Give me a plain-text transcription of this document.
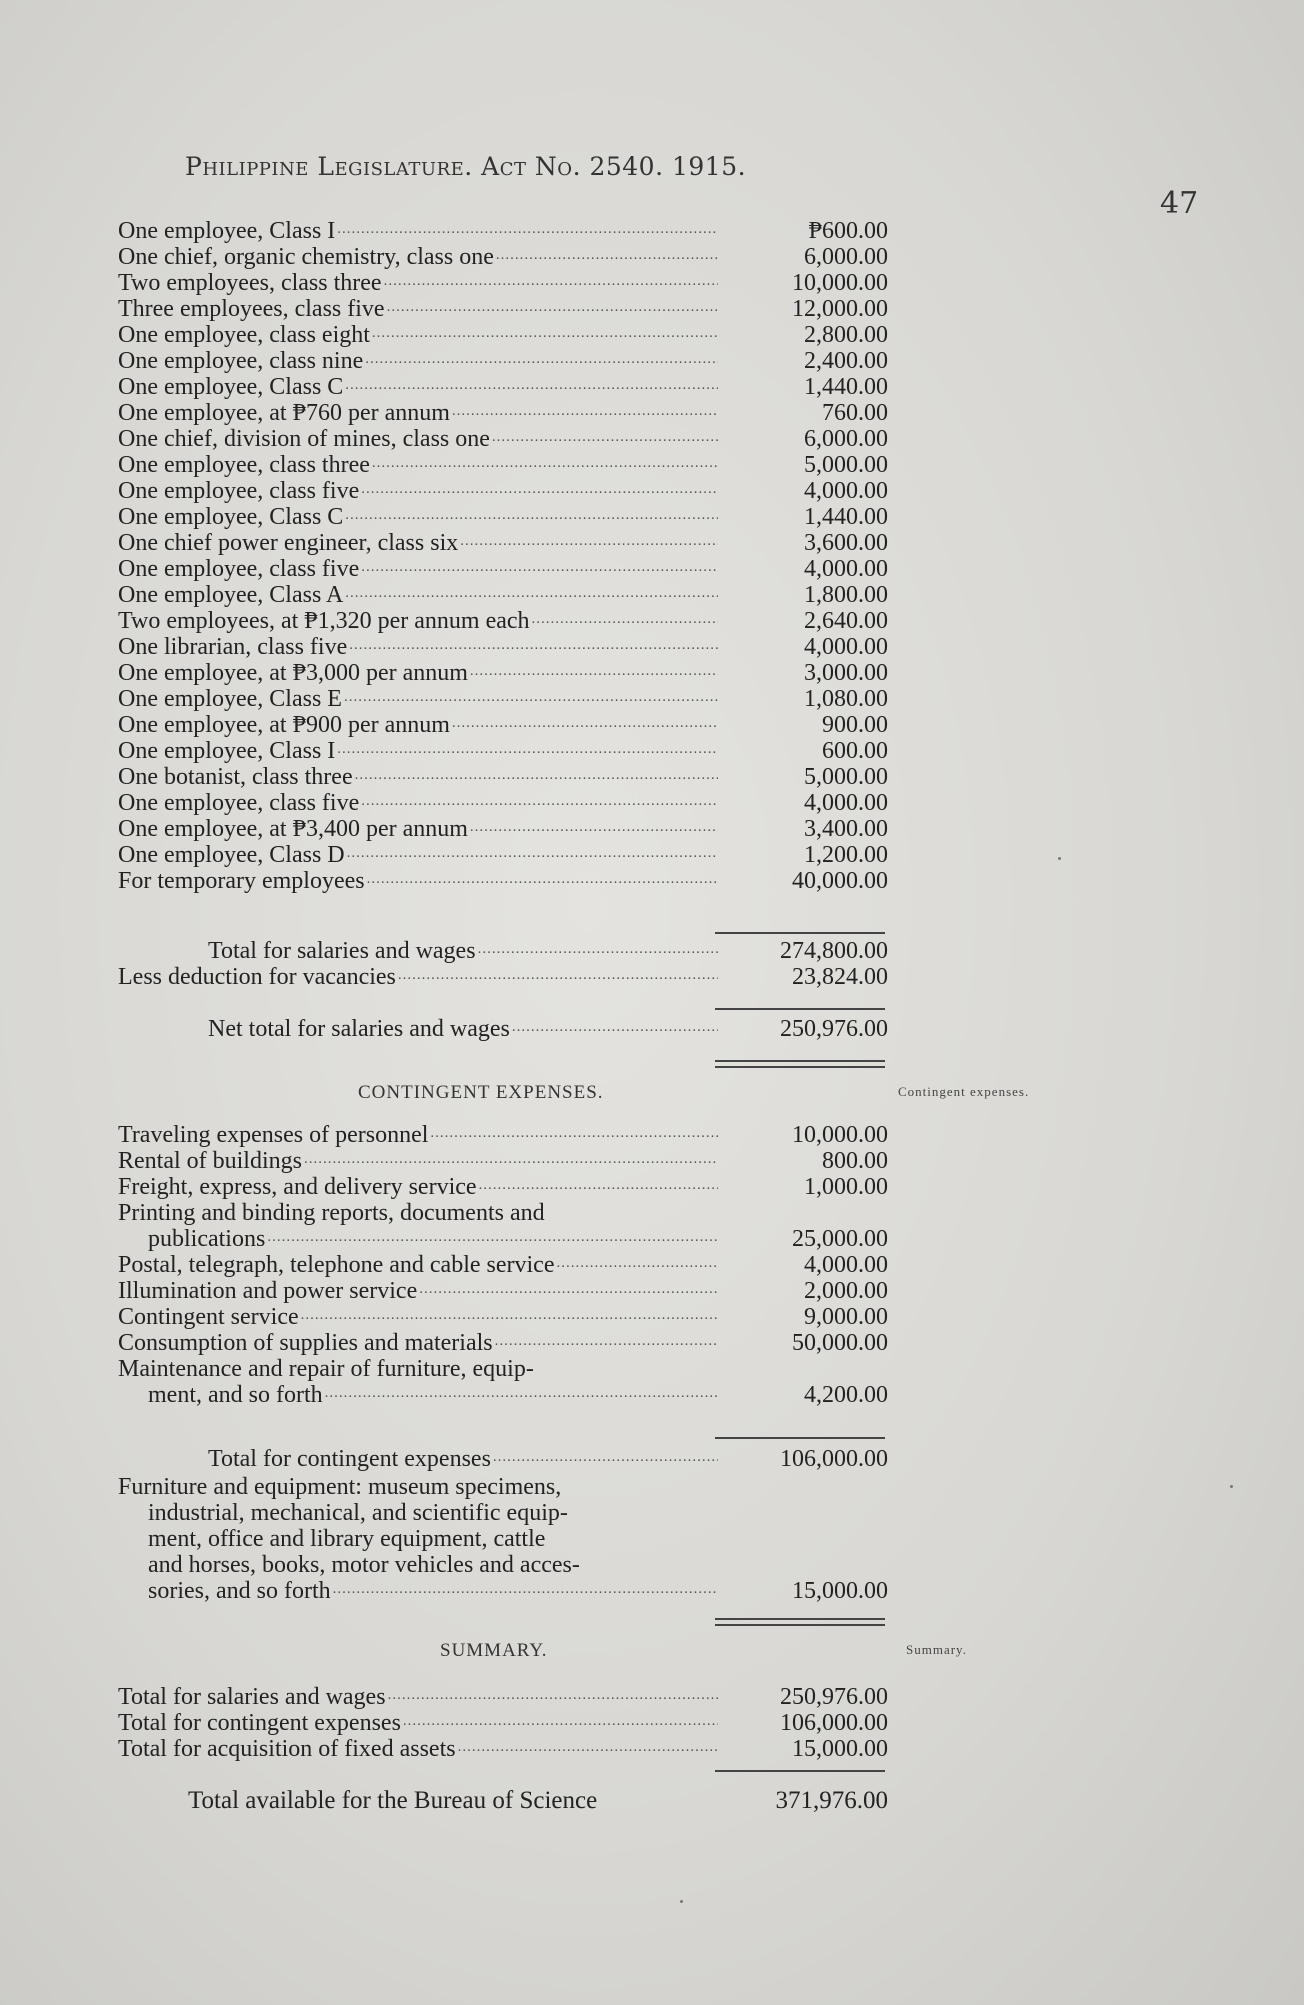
Philippine Legislature. Act No. 2540. 1915.
47
One employee, Class I .....	₱600.00
One chief, organic chemistry, class one .....	6,000.00
Two employees, class three .....	10,000.00
Three employees, class five .....	12,000.00
One employee, class eight .....	2,800.00
One employee, class nine .....	2,400.00
One employee, Class C .....	1,440.00
One employee, at ₱760 per annum .....	760.00
One chief, division of mines, class one .....	6,000.00
One employee, class three .....	5,000.00
One employee, class five .....	4,000.00
One employee, Class C .....	1,440.00
One chief power engineer, class six .....	3,600.00
One employee, class five .....	4,000.00
One employee, Class A .....	1,800.00
Two employees, at ₱1,320 per annum each .....	2,640.00
One librarian, class five .....	4,000.00
One employee, at ₱3,000 per annum .....	3,000.00
One employee, Class E .....	1,080.00
One employee, at ₱900 per annum .....	900.00
One employee, Class I .....	600.00
One botanist, class three .....	5,000.00
One employee, class five .....	4,000.00
One employee, at ₱3,400 per annum .....	3,400.00
One employee, Class D .....	1,200.00
For temporary employees .....	40,000.00
Total for salaries and wages .....	274,800.00
Less deduction for vacancies .....	23,824.00
Net total for salaries and wages .....	250,976.00
CONTINGENT EXPENSES.	Contingent expenses.
Traveling expenses of personnel .....	10,000.00
Rental of buildings .....	800.00
Freight, express, and delivery service .....	1,000.00
Printing and binding reports, documents and
publications .....	25,000.00
Postal, telegraph, telephone and cable service .....	4,000.00
Illumination and power service .....	2,000.00
Contingent service .....	9,000.00
Consumption of supplies and materials .....	50,000.00
Maintenance and repair of furniture, equip-
ment, and so forth .....	4,200.00
Total for contingent expenses .....	106,000.00
Furniture and equipment: museum specimens,
industrial, mechanical, and scientific equip-
ment, office and library equipment, cattle
and horses, books, motor vehicles and acces-
sories, and so forth .....	15,000.00
SUMMARY.	Summary.
Total for salaries and wages .....	250,976.00
Total for contingent expenses .....	106,000.00
Total for acquisition of fixed assets .....	15,000.00
Total available for the Bureau of Science	371,976.00
